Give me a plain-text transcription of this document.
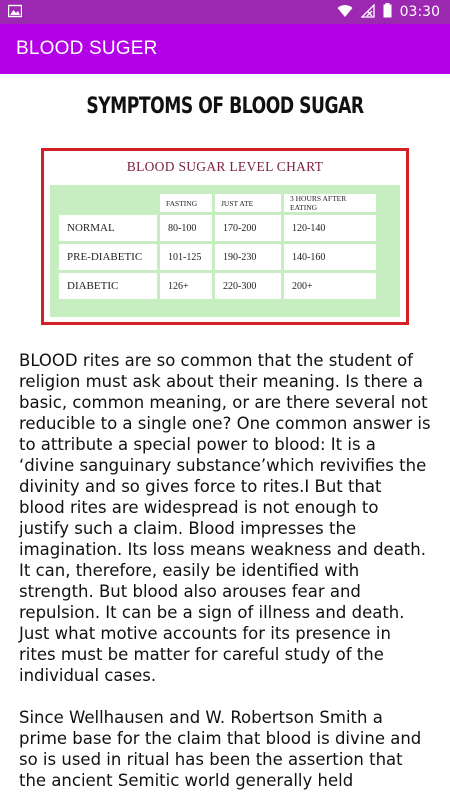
03:30
BLOOD SUGER
SYMPTOMS OF BLOOD SUGAR
BLOOD SUGAR LEVEL CHART
	FASTING	JUST ATE	3 HOURS AFTER EATING
NORMAL	80-100	170-200	120-140
PRE-DIABETIC	101-125	190-230	140-160
DIABETIC	126+	220-300	200+

BLOOD rites are so common that the student of religion must ask about their meaning. Is there a basic, common meaning, or are there several not reducible to a single one? One common answer is to attribute a special power to blood: It is a ‘divine sanguinary substance’which revivifies the divinity and so gives force to rites.I But that blood rites are widespread is not enough to justify such a claim. Blood impresses the imagination. Its loss means weakness and death. It can, therefore, easily be identified with strength. But blood also arouses fear and repulsion. It can be a sign of illness and death. Just what motive accounts for its presence in rites must be matter for careful study of the individual cases.

Since Wellhausen and W. Robertson Smith a prime base for the claim that blood is divine and so is used in ritual has been the assertion that the ancient Semitic world generally held
